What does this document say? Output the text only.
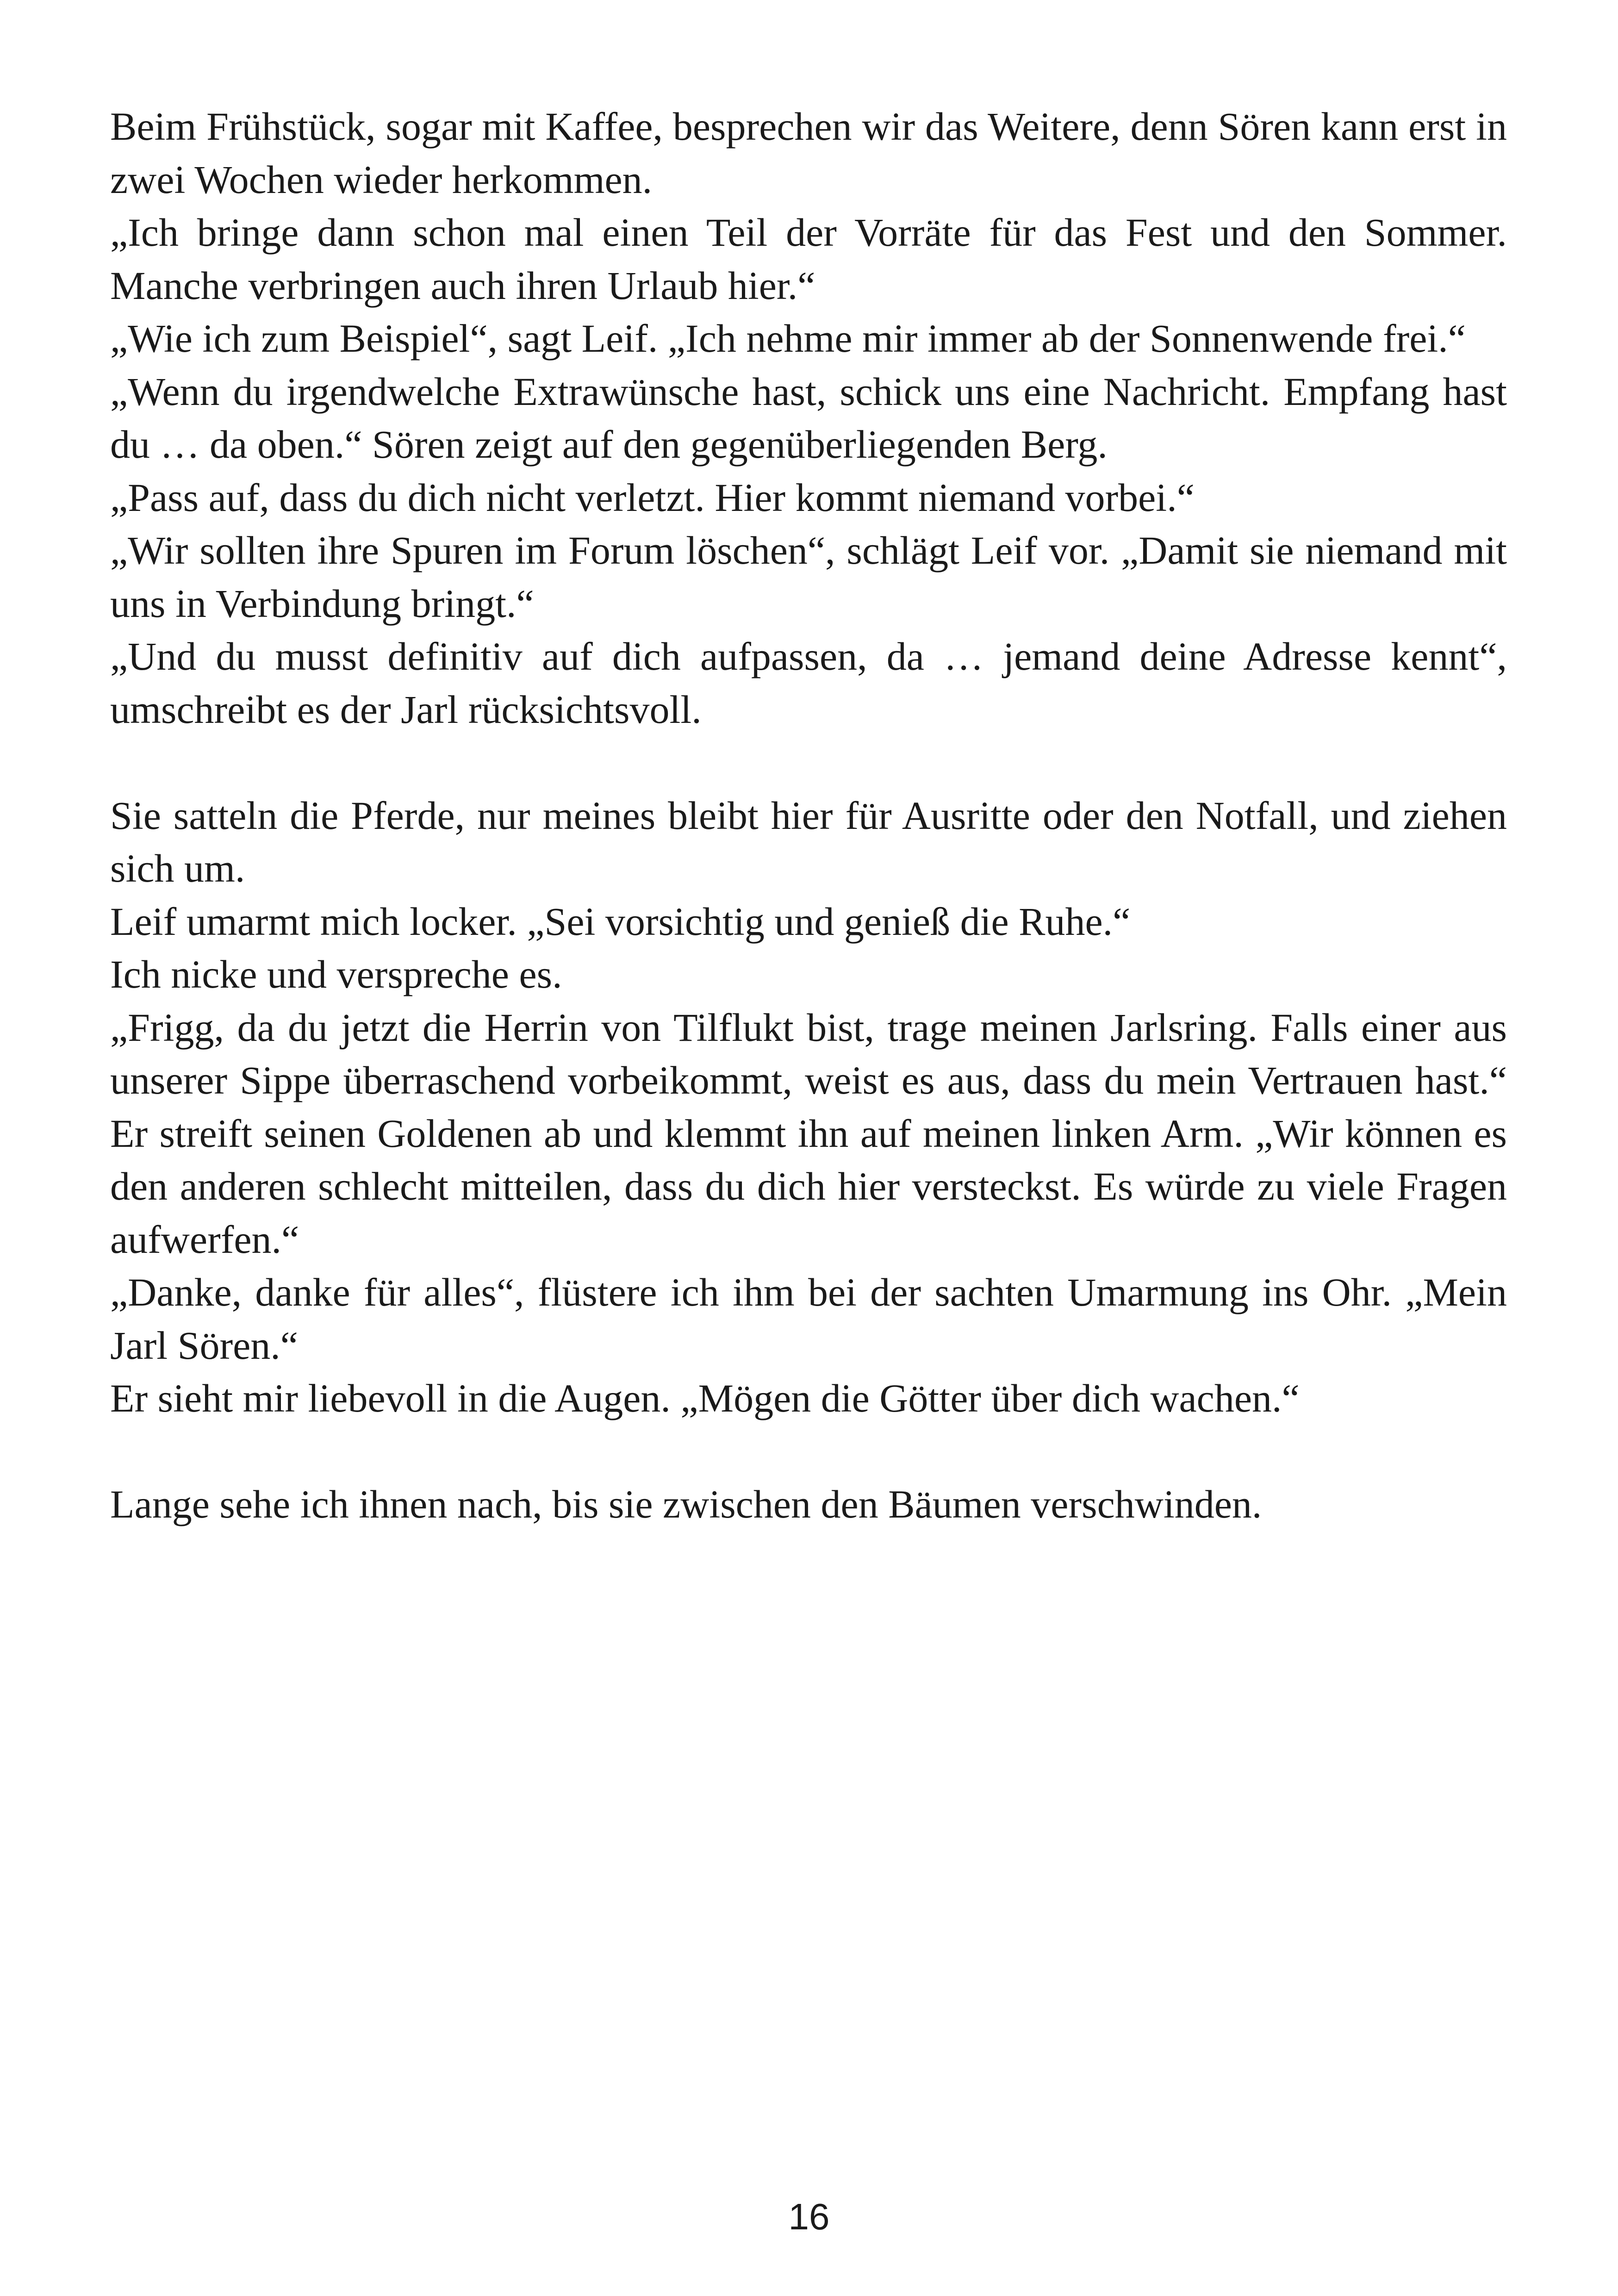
Beim Frühstück, sogar mit Kaffee, besprechen wir das Weitere, denn Sören kann erst in zwei Wochen wieder herkommen.

„Ich bringe dann schon mal einen Teil der Vorräte für das Fest und den Sommer. Manche verbringen auch ihren Urlaub hier.“

„Wie ich zum Beispiel“, sagt Leif. „Ich nehme mir immer ab der Sonnenwende frei.“

„Wenn du irgendwelche Extrawünsche hast, schick uns eine Nachricht. Empfang hast du … da oben.“ Sören zeigt auf den gegenüberliegenden Berg.

„Pass auf, dass du dich nicht verletzt. Hier kommt niemand vorbei.“

„Wir sollten ihre Spuren im Forum löschen“, schlägt Leif vor. „Damit sie niemand mit uns in Verbindung bringt.“

„Und du musst definitiv auf dich aufpassen, da … jemand deine Adresse kennt“, umschreibt es der Jarl rücksichtsvoll.

Sie satteln die Pferde, nur meines bleibt hier für Ausritte oder den Notfall, und ziehen sich um.

Leif umarmt mich locker. „Sei vorsichtig und genieß die Ruhe.“

Ich nicke und verspreche es.

„Frigg, da du jetzt die Herrin von Tilflukt bist, trage meinen Jarlsring. Falls einer aus unserer Sippe überraschend vorbeikommt, weist es aus, dass du mein Vertrauen hast.“ Er streift seinen Goldenen ab und klemmt ihn auf meinen linken Arm. „Wir können es den anderen schlecht mitteilen, dass du dich hier versteckst. Es würde zu viele Fragen aufwerfen.“

„Danke, danke für alles“, flüstere ich ihm bei der sachten Umarmung ins Ohr. „Mein Jarl Sören.“

Er sieht mir liebevoll in die Augen. „Mögen die Götter über dich wachen.“

Lange sehe ich ihnen nach, bis sie zwischen den Bäumen verschwinden.

16
